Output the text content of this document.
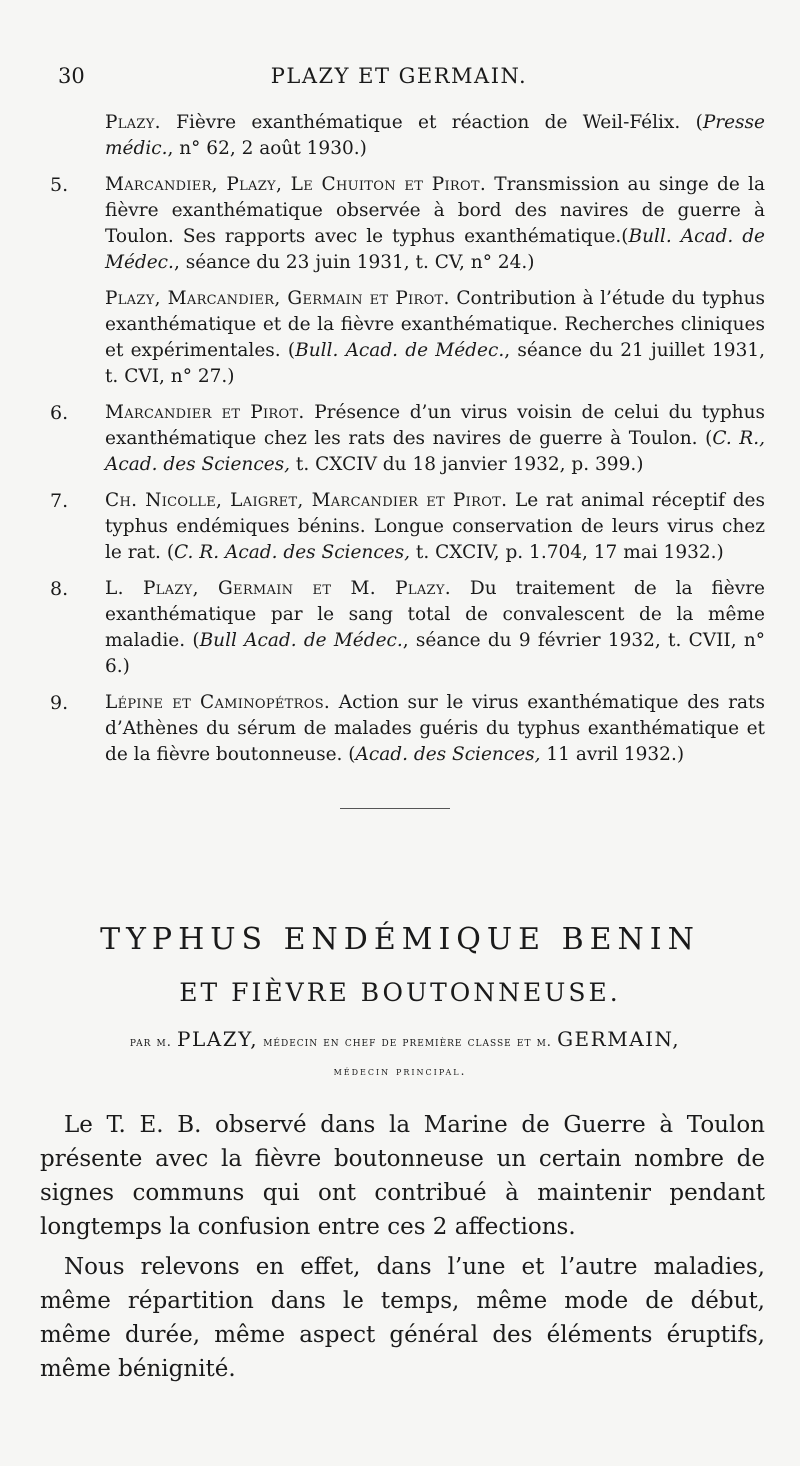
30	PLAZY ET GERMAIN.
Plazy. Fièvre exanthématique et réaction de Weil-Félix. (Presse médic., n° 62, 2 août 1930.)
5.	Marcandier, Plazy, Le Chuiton et Pirot. Transmission au singe de la fièvre exanthématique observée à bord des navires de guerre à Toulon. Ses rapports avec le typhus exanthématique.(Bull. Acad. de Médec., séance du 23 juin 1931, t. CV, n° 24.)
Plazy, Marcandier, Germain et Pirot. Contribution à l’étude du typhus exanthématique et de la fièvre exanthématique. Recherches cliniques et expérimentales. (Bull. Acad. de Médec., séance du 21 juillet 1931, t. CVI, n° 27.)
6.	Marcandier et Pirot. Présence d’un virus voisin de celui du typhus exanthématique chez les rats des navires de guerre à Toulon. (C. R., Acad. des Sciences, t. CXCIV du 18 janvier 1932, p. 399.)
7.	Ch. Nicolle, Laigret, Marcandier et Pirot. Le rat animal réceptif des typhus endémiques bénins. Longue conservation de leurs virus chez le rat. (C. R. Acad. des Sciences, t. CXCIV, p. 1.704, 17 mai 1932.)
8.	L. Plazy, Germain et M. Plazy. Du traitement de la fièvre exanthématique par le sang total de convalescent de la même maladie. (Bull Acad. de Médec., séance du 9 février 1932, t. CVII, n° 6.)
9.	Lépine et Caminopétros. Action sur le virus exanthématique des rats d’Athènes du sérum de malades guéris du typhus exanthématique et de la fièvre boutonneuse. (Acad. des Sciences, 11 avril 1932.)
TYPHUS ENDÉMIQUE BENIN
ET FIÈVRE BOUTONNEUSE.
par m. PLAZY, médecin en chef de première classe et m. GERMAIN,
médecin principal.

Le T. E. B. observé dans la Marine de Guerre à Toulon présente avec la fièvre boutonneuse un certain nombre de signes communs qui ont contribué à maintenir pendant longtemps la confusion entre ces 2 affections.

Nous relevons en effet, dans l’une et l’autre maladies, même répartition dans le temps, même mode de début, même durée, même aspect général des éléments éruptifs, même bénignité.
